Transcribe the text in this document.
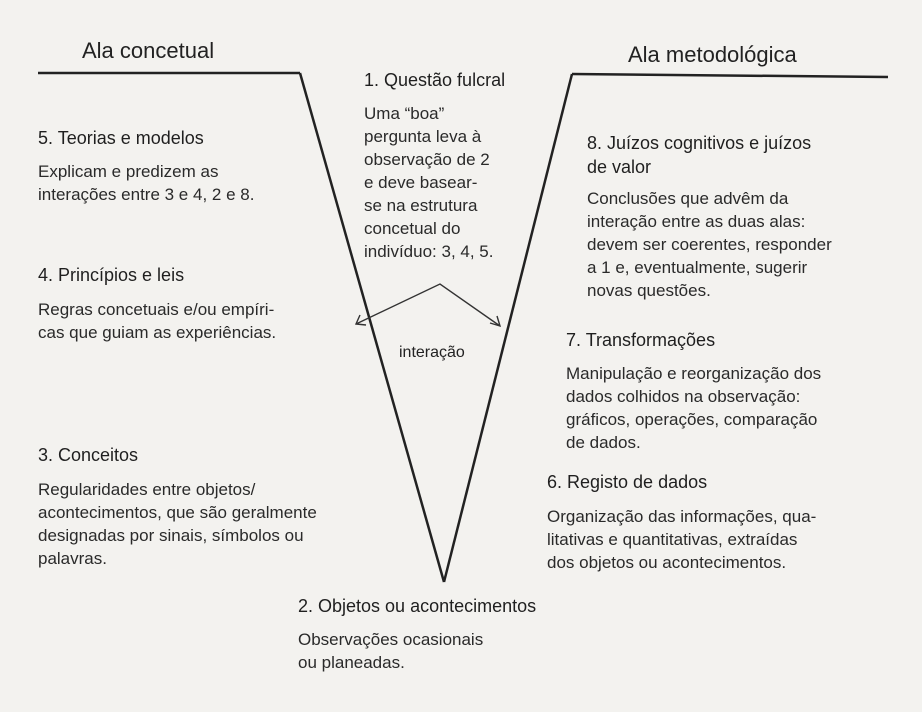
Ala concetual	Ala metodológica
1. Questão fulcral
Uma “boa”
pergunta leva à
observação de 2
e deve basear-
se na estrutura
concetual do
indivíduo: 3, 4, 5.
5. Teorias e modelos
Explicam e predizem as
interações entre 3 e 4, 2 e 8.
4. Princípios e leis
Regras concetuais e/ou empíri-
cas que guiam as experiências.
3. Conceitos
Regularidades entre objetos/
acontecimentos, que são geralmente
designadas por sinais, símbolos ou
palavras.
2. Objetos ou acontecimentos
Observações ocasionais
ou planeadas.
8. Juízos cognitivos e juízos
de valor
Conclusões que advêm da
interação entre as duas alas:
devem ser coerentes, responder
a 1 e, eventualmente, sugerir
novas questões.
7. Transformações
Manipulação e reorganização dos
dados colhidos na observação:
gráficos, operações, comparação
de dados.
6. Registo de dados
Organização das informações, qua-
litativas e quantitativas, extraídas
dos objetos ou acontecimentos.
interação
